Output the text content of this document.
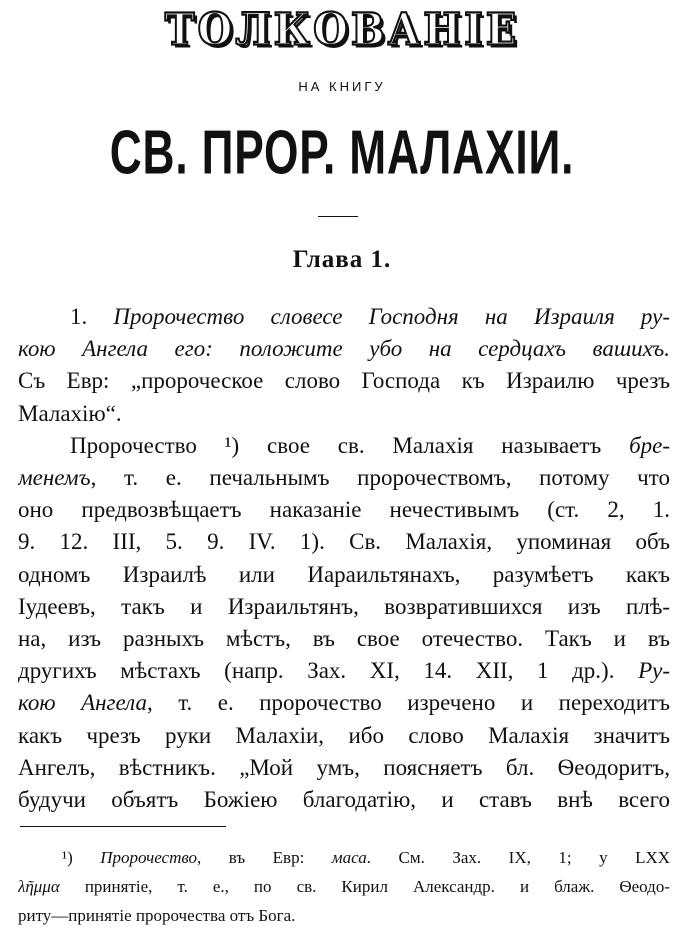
ТОЛКОВАНІЕ
НА КНИГУ
СВ. ПРОР. МАЛАХІИ.
Глава 1.
1. Пророчество словесе Господня на Израиля ру-
кою Ангела его: положите убо на сердцахъ вашихъ.
Съ Евр: „пророческое слово Господа къ Израилю чрезъ
Малахію“.
Пророчество ¹) свое св. Малахія называетъ бре-
менемъ, т. е. печальнымъ пророчествомъ, потому что
оно предвозвѣщаетъ наказаніе нечестивымъ (ст. 2, 1.
9. 12. III, 5. 9. IV. 1). Св. Малахія, упоминая объ
одномъ Израилѣ или Иараильтянахъ, разумѣетъ какъ
Іудеевъ, такъ и Израильтянъ, возвратившихся изъ плѣ-
на, изъ разныхъ мѣстъ, въ свое отечество. Такъ и въ
другихъ мѣстахъ (напр. Зах. XI, 14. XII, 1 др.). Ру-
кою Ангела, т. е. пророчество изречено и переходитъ
какъ чрезъ руки Малахіи, ибо слово Малахія значитъ
Ангелъ, вѣстникъ. „Мой умъ, поясняетъ бл. Ѳеодоритъ,
будучи объятъ Божіею благодатію, и ставъ внѣ всего
¹) Пророчество, въ Евр: маса. См. Зах. IX, 1; у LXX
λῆμμα принятіе, т. е., по св. Кирил Александр. и блаж. Ѳеодо-
риту—принятіе пророчества отъ Бога.
